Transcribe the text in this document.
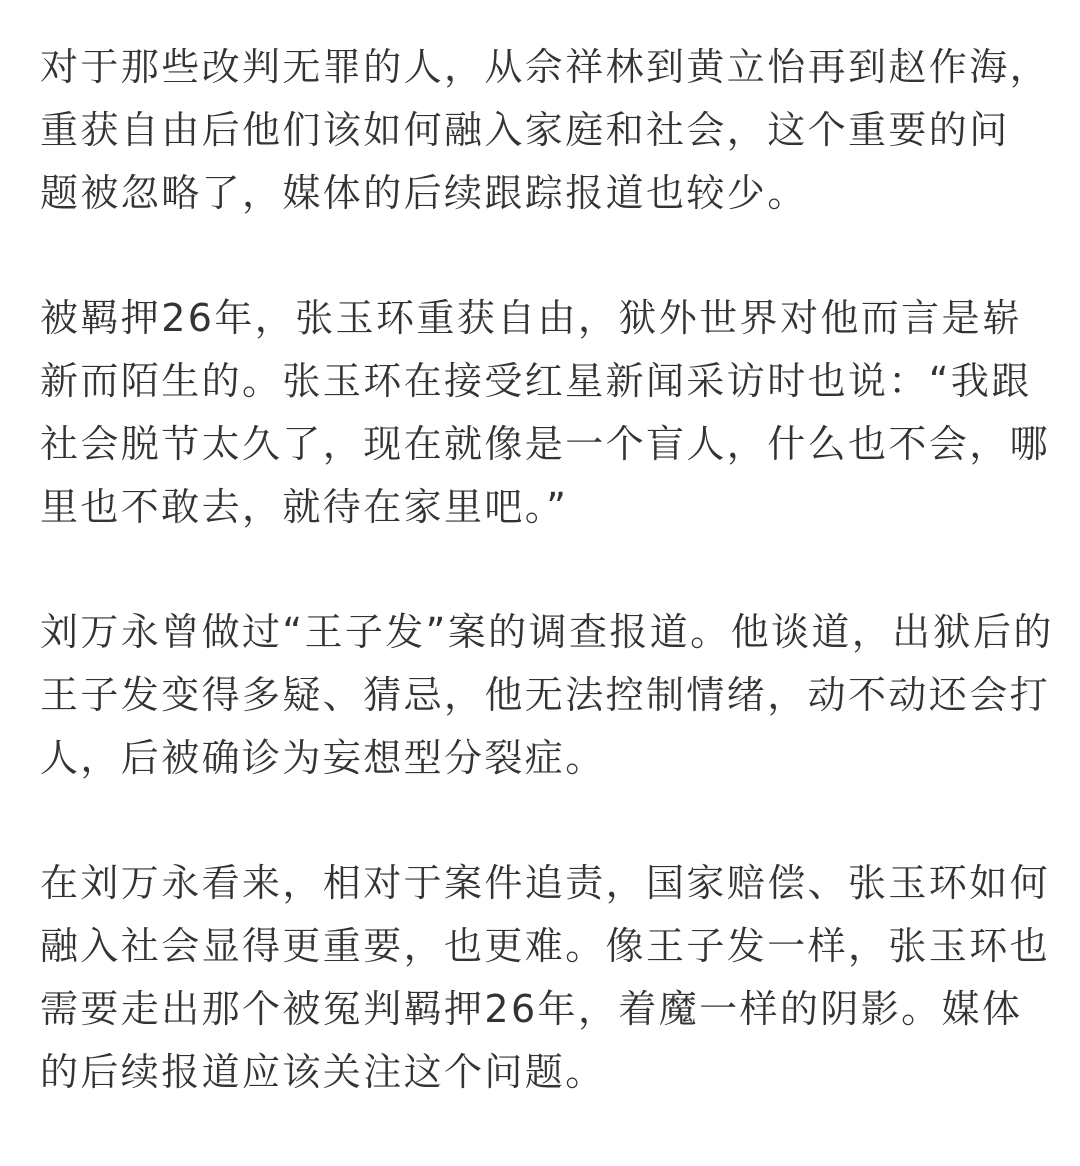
对于那些改判无罪的人，从佘祥林到黄立怡再到赵作海，
重获自由后他们该如何融入家庭和社会，这个重要的问
题被忽略了，媒体的后续跟踪报道也较少。

被羁押26年，张玉环重获自由，狱外世界对他而言是崭
新而陌生的。张玉环在接受红星新闻采访时也说：“我跟
社会脱节太久了，现在就像是一个盲人，什么也不会，哪
里也不敢去，就待在家里吧。”

刘万永曾做过“王子发”案的调查报道。他谈道，出狱后的
王子发变得多疑、猜忌，他无法控制情绪，动不动还会打
人，后被确诊为妄想型分裂症。

在刘万永看来，相对于案件追责，国家赔偿、张玉环如何
融入社会显得更重要，也更难。像王子发一样，张玉环也
需要走出那个被冤判羁押26年，着魔一样的阴影。媒体
的后续报道应该关注这个问题。
